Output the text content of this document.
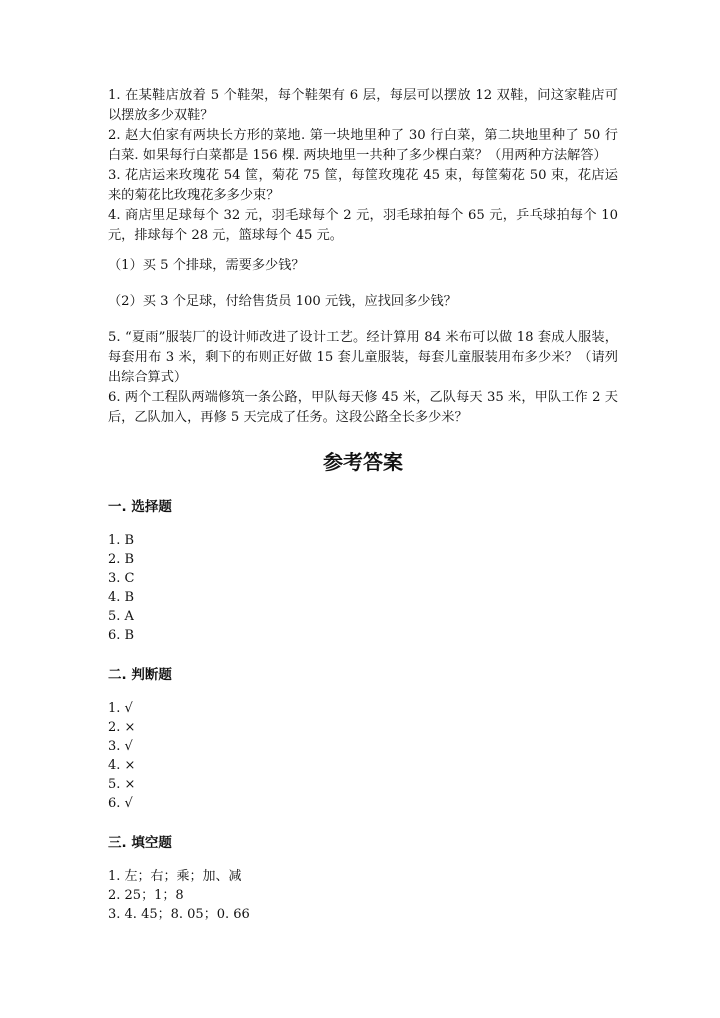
1. 在某鞋店放着 5 个鞋架，每个鞋架有 6 层，每层可以摆放 12 双鞋，问这家鞋店可以摆放多少双鞋？

2. 赵大伯家有两块长方形的菜地. 第一块地里种了 30 行白菜，第二块地里种了 50 行白菜. 如果每行白菜都是 156 棵. 两块地里一共种了多少棵白菜？（用两种方法解答）

3. 花店运来玫瑰花 54 筐，菊花 75 筐，每筐玫瑰花 45 束，每筐菊花 50 束，花店运来的菊花比玫瑰花多多少束？

4. 商店里足球每个 32 元，羽毛球每个 2 元，羽毛球拍每个 65 元，乒乓球拍每个 10 元，排球每个 28 元，篮球每个 45 元。

（1）买 5 个排球，需要多少钱？

（2）买 3 个足球，付给售货员 100 元钱，应找回多少钱？

5. “夏雨”服装厂的设计师改进了设计工艺。经计算用 84 米布可以做 18 套成人服装，每套用布 3 米，剩下的布则正好做 15 套儿童服装，每套儿童服装用布多少米？（请列出综合算式）

6. 两个工程队两端修筑一条公路，甲队每天修 45 米，乙队每天 35 米，甲队工作 2 天后，乙队加入，再修 5 天完成了任务。这段公路全长多少米？

参考答案
一. 选择题
1. B
2. B
3. C
4. B
5. A
6. B
二. 判断题
1. √
2. ×
3. √
4. ×
5. ×
6. √
三. 填空题
1. 左；右；乘；加、减
2. 25；1；8
3. 4. 45；8. 05；0. 66
